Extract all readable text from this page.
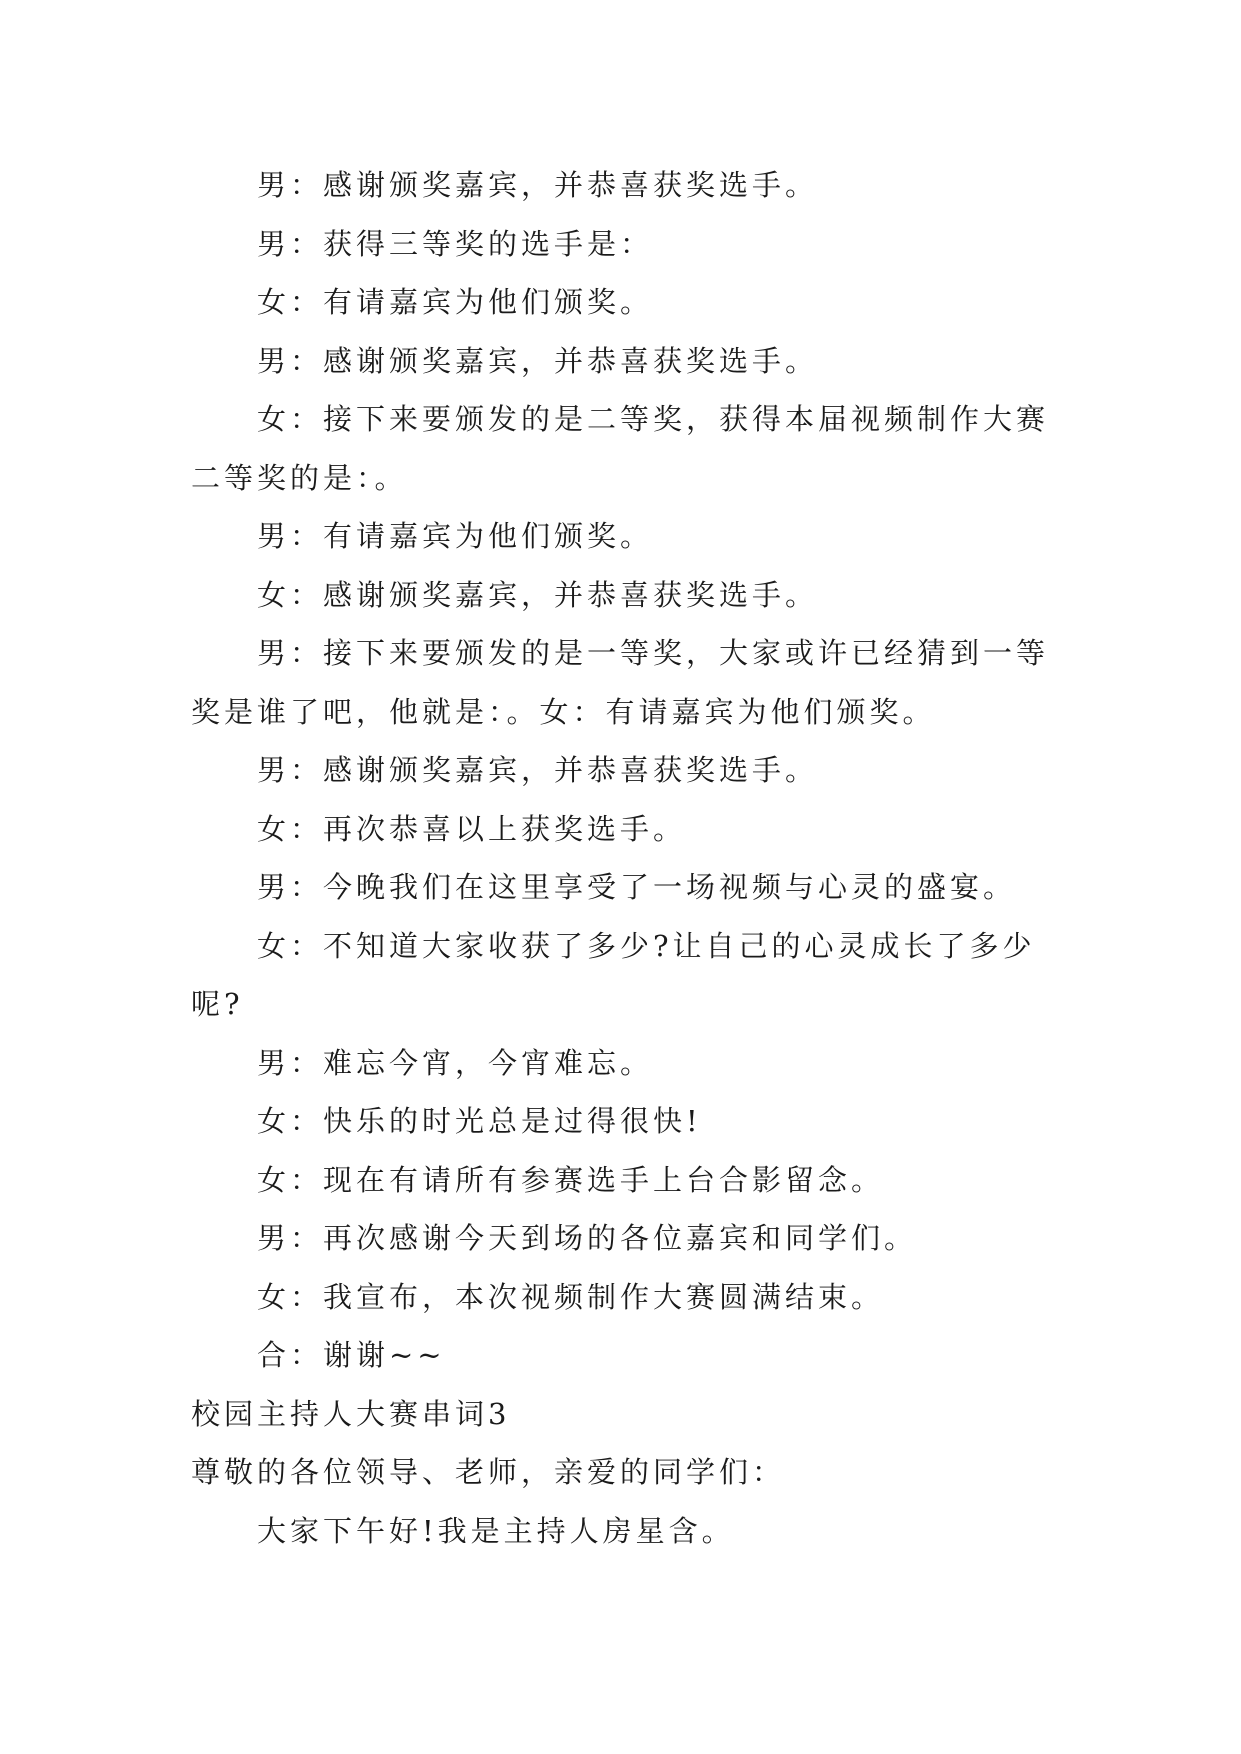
男：感谢颁奖嘉宾，并恭喜获奖选手。

男：获得三等奖的选手是：

女：有请嘉宾为他们颁奖。

男：感谢颁奖嘉宾，并恭喜获奖选手。

女：接下来要颁发的是二等奖，获得本届视频制作大赛二等奖的是：。

男：有请嘉宾为他们颁奖。

女：感谢颁奖嘉宾，并恭喜获奖选手。

男：接下来要颁发的是一等奖，大家或许已经猜到一等奖是谁了吧，他就是：。女：有请嘉宾为他们颁奖。

男：感谢颁奖嘉宾，并恭喜获奖选手。

女：再次恭喜以上获奖选手。

男：今晚我们在这里享受了一场视频与心灵的盛宴。

女：不知道大家收获了多少?让自己的心灵成长了多少呢?

男：难忘今宵，今宵难忘。

女：快乐的时光总是过得很快!

女：现在有请所有参赛选手上台合影留念。

男：再次感谢今天到场的各位嘉宾和同学们。

女：我宣布，本次视频制作大赛圆满结束。

合：谢谢~~

校园主持人大赛串词3

尊敬的各位领导、老师，亲爱的同学们：

大家下午好!我是主持人房星含。
